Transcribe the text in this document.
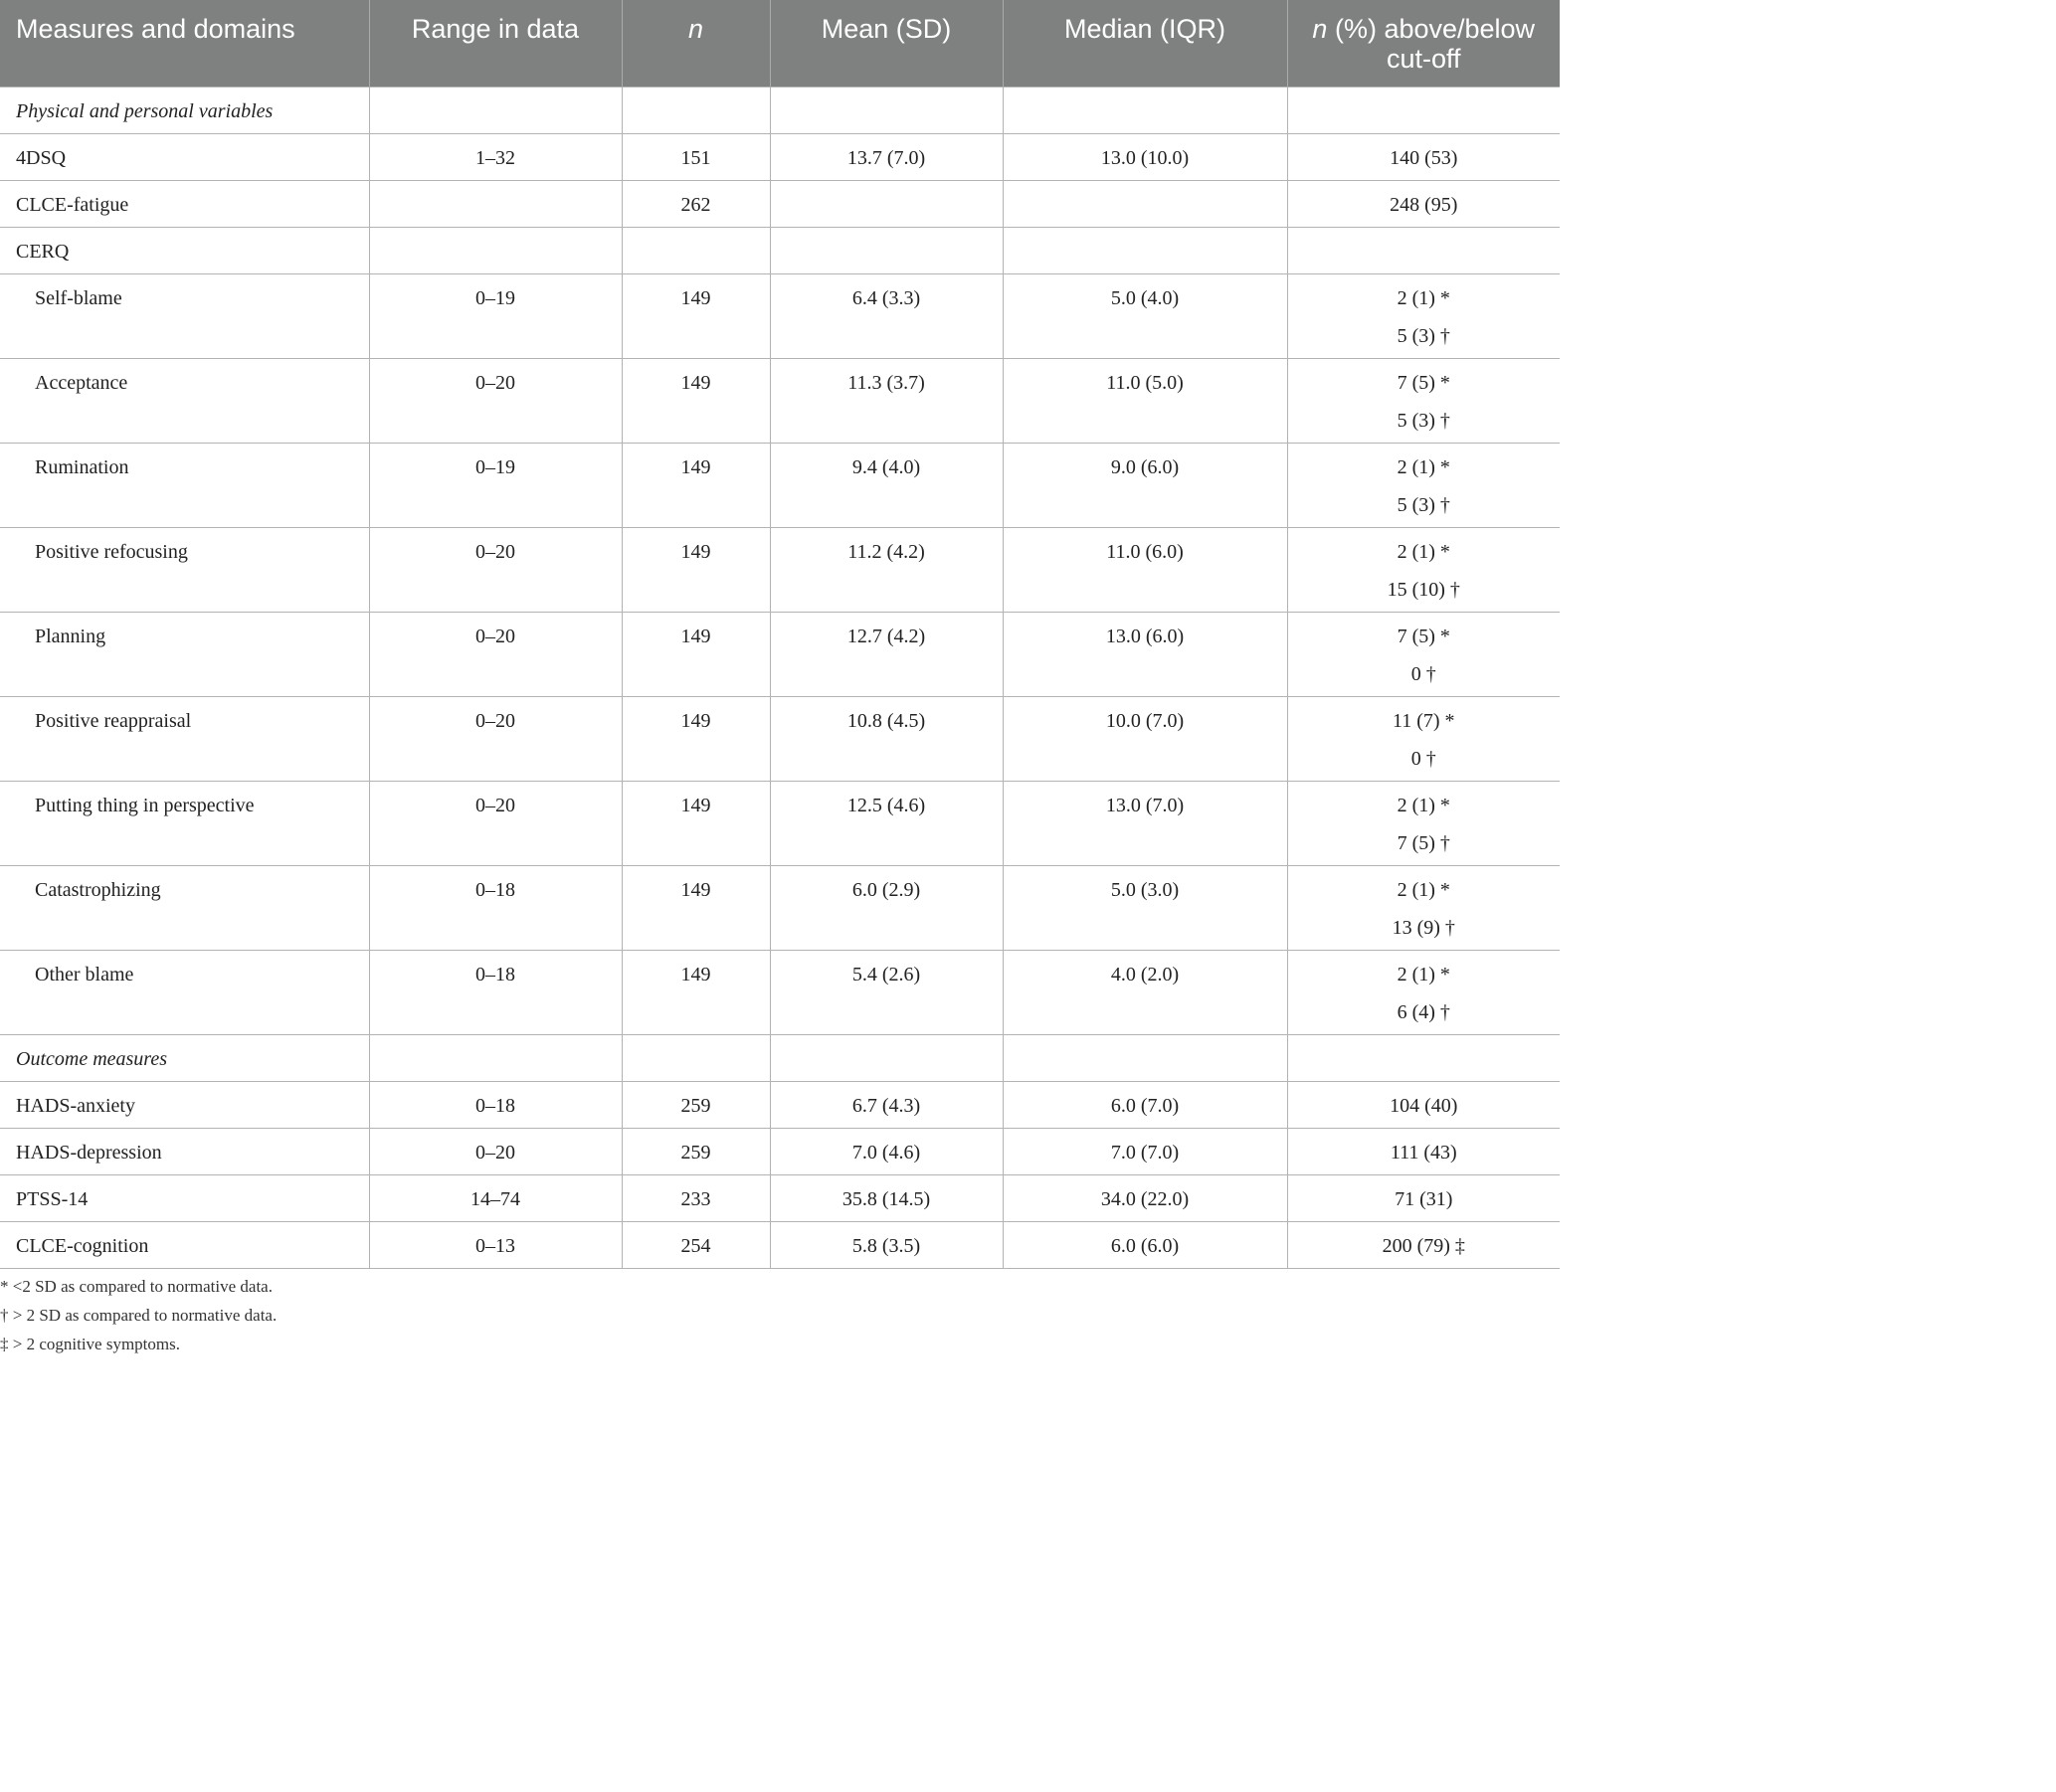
Measures and domains	Range in data	n	Mean (SD)	Median (IQR)	n (%) above/below
cut-off
Physical and personal variables					

4DSQ	1–32	151	13.7 (7.0)	13.0 (10.0)	140 (53)

CLCE-fatigue		262			248 (95)

CERQ					

Self-blame	0–19	149	6.4 (3.3)	5.0 (4.0)	2 (1) *
5 (3) †

Acceptance	0–20	149	11.3 (3.7)	11.0 (5.0)	7 (5) *
5 (3) †

Rumination	0–19	149	9.4 (4.0)	9.0 (6.0)	2 (1) *
5 (3) †

Positive refocusing	0–20	149	11.2 (4.2)	11.0 (6.0)	2 (1) *
15 (10) †

Planning	0–20	149	12.7 (4.2)	13.0 (6.0)	7 (5) *
0 †

Positive reappraisal	0–20	149	10.8 (4.5)	10.0 (7.0)	11 (7) *
0 †

Putting thing in perspective	0–20	149	12.5 (4.6)	13.0 (7.0)	2 (1) *
7 (5) †

Catastrophizing	0–18	149	6.0 (2.9)	5.0 (3.0)	2 (1) *
13 (9) †

Other blame	0–18	149	5.4 (2.6)	4.0 (2.0)	2 (1) *
6 (4) †

Outcome measures					

HADS-anxiety	0–18	259	6.7 (4.3)	6.0 (7.0)	104 (40)

HADS-depression	0–20	259	7.0 (4.6)	7.0 (7.0)	111 (43)

PTSS-14	14–74	233	35.8 (14.5)	34.0 (22.0)	71 (31)

CLCE-cognition	0–13	254	5.8 (3.5)	6.0 (6.0)	200 (79) ‡
* <2 SD as compared to normative data.
† > 2 SD as compared to normative data.
‡ > 2 cognitive symptoms.
